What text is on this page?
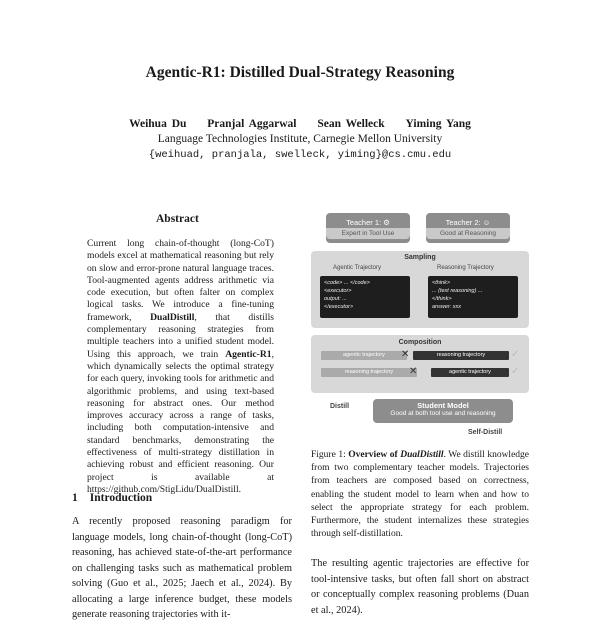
Agentic-R1: Distilled Dual-Strategy Reasoning
Weihua Du Pranjal Aggarwal Sean Welleck Yiming Yang
Language Technologies Institute, Carnegie Mellon University
{weihuad, pranjala, swelleck, yiming}@cs.cmu.edu
Abstract
Current long chain-of-thought (long-CoT) models excel at mathematical reasoning but rely on slow and error-prone natural language traces. Tool-augmented agents address arithmetic via code execution, but often falter on complex logical tasks. We introduce a fine-tuning framework, DualDistill, that distills complementary reasoning strategies from multiple teachers into a unified student model. Using this approach, we train Agentic-R1, which dynamically selects the optimal strategy for each query, invoking tools for arithmetic and algorithmic problems, and using text-based reasoning for abstract ones. Our method improves accuracy across a range of tasks, including both computation-intensive and standard benchmarks, demonstrating the effectiveness of multi-strategy distillation in achieving robust and efficient reasoning. Our project is available at https://github.com/StigLidu/DualDistill.
1 Introduction
A recently proposed reasoning paradigm for language models, long chain-of-thought (long-CoT) reasoning, has achieved state-of-the-art performance on challenging tasks such as mathematical problem solving (Guo et al., 2025; Jaech et al., 2024). By allocating a large inference budget, these models generate reasoning trajectories with it-
Teacher 1: ⚙
Expert in Tool Use
Teacher 2: ☺
Good at Reasoning
Sampling
Agentic Trajectory	Reasoning Trajectory
<code> ... </code>
<executor>
output: ...
</executor>
<think>
... (text reasoning) ...
</think>
answer: xxx
Composition
agentic trajectory	✕	reasoning trajectory	✓
reasoning trajectory	✕	agentic trajectory	✓
Distill	Student Model
Good at both tool use and reasoning
Self-Distill
Figure 1: Overview of DualDistill. We distill knowledge from two complementary teacher models. Trajectories from teachers are composed based on correctness, enabling the student model to learn when and how to select the appropriate strategy for each problem. Furthermore, the student internalizes these strategies through self-distillation.
The resulting agentic trajectories are effective for tool-intensive tasks, but often fall short on abstract or conceptually complex reasoning problems (Duan et al., 2024).
